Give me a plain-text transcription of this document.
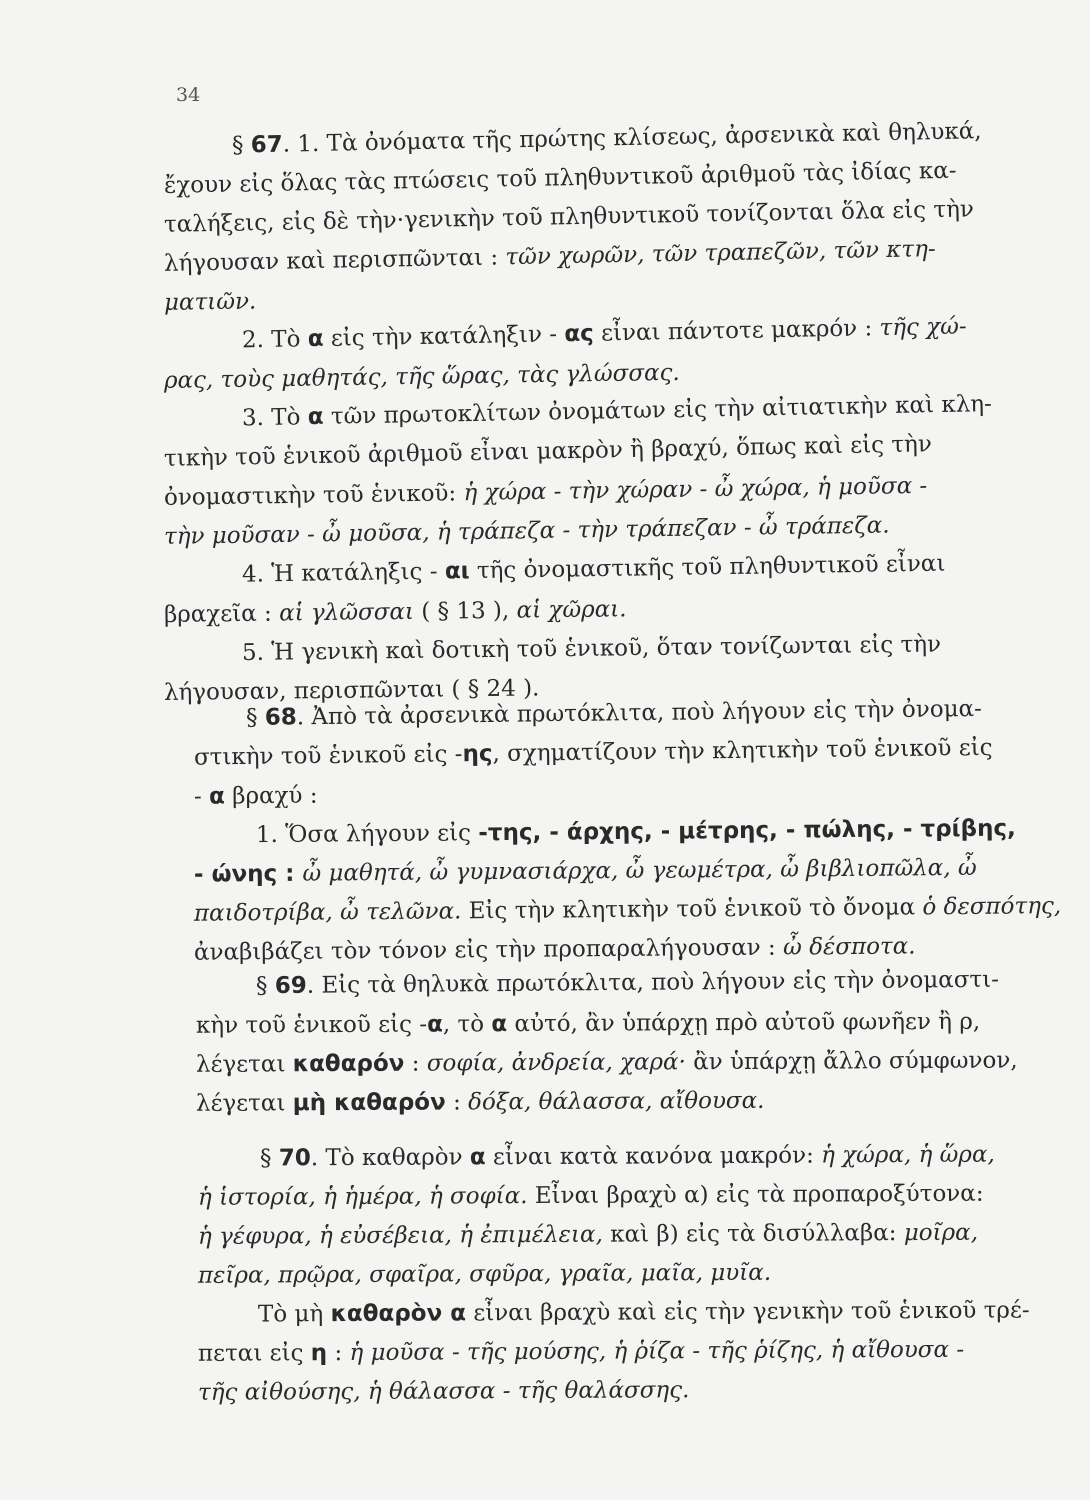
34
§ 67. 1. Τὰ ὀνόματα τῆς πρώτης κλίσεως, ἀρσενικὰ καὶ θηλυκά,
ἔχουν εἰς ὅλας τὰς πτώσεις τοῦ πληθυντικοῦ ἀριθμοῦ τὰς ἰδίας κα-
ταλήξεις, εἰς δὲ τὴν·γενικὴν τοῦ πληθυντικοῦ τονίζονται ὅλα εἰς τὴν
λήγουσαν καὶ περισπῶνται : τῶν χωρῶν, τῶν τραπεζῶν, τῶν κτη-
ματιῶν.
2. Τὸ α εἰς τὴν κατάληξιν - ας εἶναι πάντοτε μακρόν : τῆς χώ-
ρας, τοὺς μαθητάς, τῆς ὥρας, τὰς γλώσσας.
3. Τὸ α τῶν πρωτοκλίτων ὀνομάτων εἰς τὴν αἰτιατικὴν καὶ κλη-
τικὴν τοῦ ἑνικοῦ ἀριθμοῦ εἶναι μακρὸν ἢ βραχύ, ὅπως καὶ εἰς τὴν
ὀνομαστικὴν τοῦ ἑνικοῦ: ἡ χώρα - τὴν χώραν - ὦ χώρα, ἡ μοῦσα -
τὴν μοῦσαν - ὦ μοῦσα, ἡ τράπεζα - τὴν τράπεζαν - ὦ τράπεζα.
4. Ἡ κατάληξις - αι τῆς ὀνομαστικῆς τοῦ πληθυντικοῦ εἶναι
βραχεῖα : αἱ γλῶσσαι ( § 13 ), αἱ χῶραι.
5. Ἡ γενικὴ καὶ δοτικὴ τοῦ ἑνικοῦ, ὅταν τονίζωνται εἰς τὴν
λήγουσαν, περισπῶνται ( § 24 ).
§ 68. Ἀπὸ τὰ ἀρσενικὰ πρωτόκλιτα, ποὺ λήγουν εἰς τὴν ὀνομα-
στικὴν τοῦ ἑνικοῦ εἰς -ης, σχηματίζουν τὴν κλητικὴν τοῦ ἑνικοῦ εἰς
- α βραχύ :
1. Ὅσα λήγουν εἰς -της, - άρχης, - μέτρης, - πώλης, - τρίβης,
- ώνης : ὦ μαθητά, ὦ γυμνασιάρχα, ὦ γεωμέτρα, ὦ βιβλιοπῶλα, ὦ
παιδοτρίβα, ὦ τελῶνα. Εἰς τὴν κλητικὴν τοῦ ἑνικοῦ τὸ ὄνομα ὁ δεσπότης,
ἀναβιβάζει τὸν τόνον εἰς τὴν προπαραλήγουσαν : ὦ δέσποτα.
§ 69. Εἰς τὰ θηλυκὰ πρωτόκλιτα, ποὺ λήγουν εἰς τὴν ὀνομαστι-
κὴν τοῦ ἑνικοῦ εἰς -α, τὸ α αὐτό, ἂν ὑπάρχῃ πρὸ αὐτοῦ φωνῆεν ἢ ρ,
λέγεται καθαρόν : σοφία, ἀνδρεία, χαρά· ἂν ὑπάρχῃ ἄλλο σύμφωνον,
λέγεται μὴ καθαρόν : δόξα, θάλασσα, αἴθουσα.
§ 70. Τὸ καθαρὸν α εἶναι κατὰ κανόνα μακρόν: ἡ χώρα, ἡ ὥρα,
ἡ ἱστορία, ἡ ἡμέρα, ἡ σοφία. Εἶναι βραχὺ α) εἰς τὰ προπαροξύτονα:
ἡ γέφυρα, ἡ εὐσέβεια, ἡ ἐπιμέλεια, καὶ β) εἰς τὰ δισύλλαβα: μοῖρα,
πεῖρα, πρῷρα, σφαῖρα, σφῦρα, γραῖα, μαῖα, μυῖα.
Τὸ μὴ καθαρὸν α εἶναι βραχὺ καὶ εἰς τὴν γενικὴν τοῦ ἑνικοῦ τρέ-
πεται εἰς η : ἡ μοῦσα - τῆς μούσης, ἡ ῥίζα - τῆς ῥίζης, ἡ αἴθουσα -
τῆς αἰθούσης, ἡ θάλασσα - τῆς θαλάσσης.
